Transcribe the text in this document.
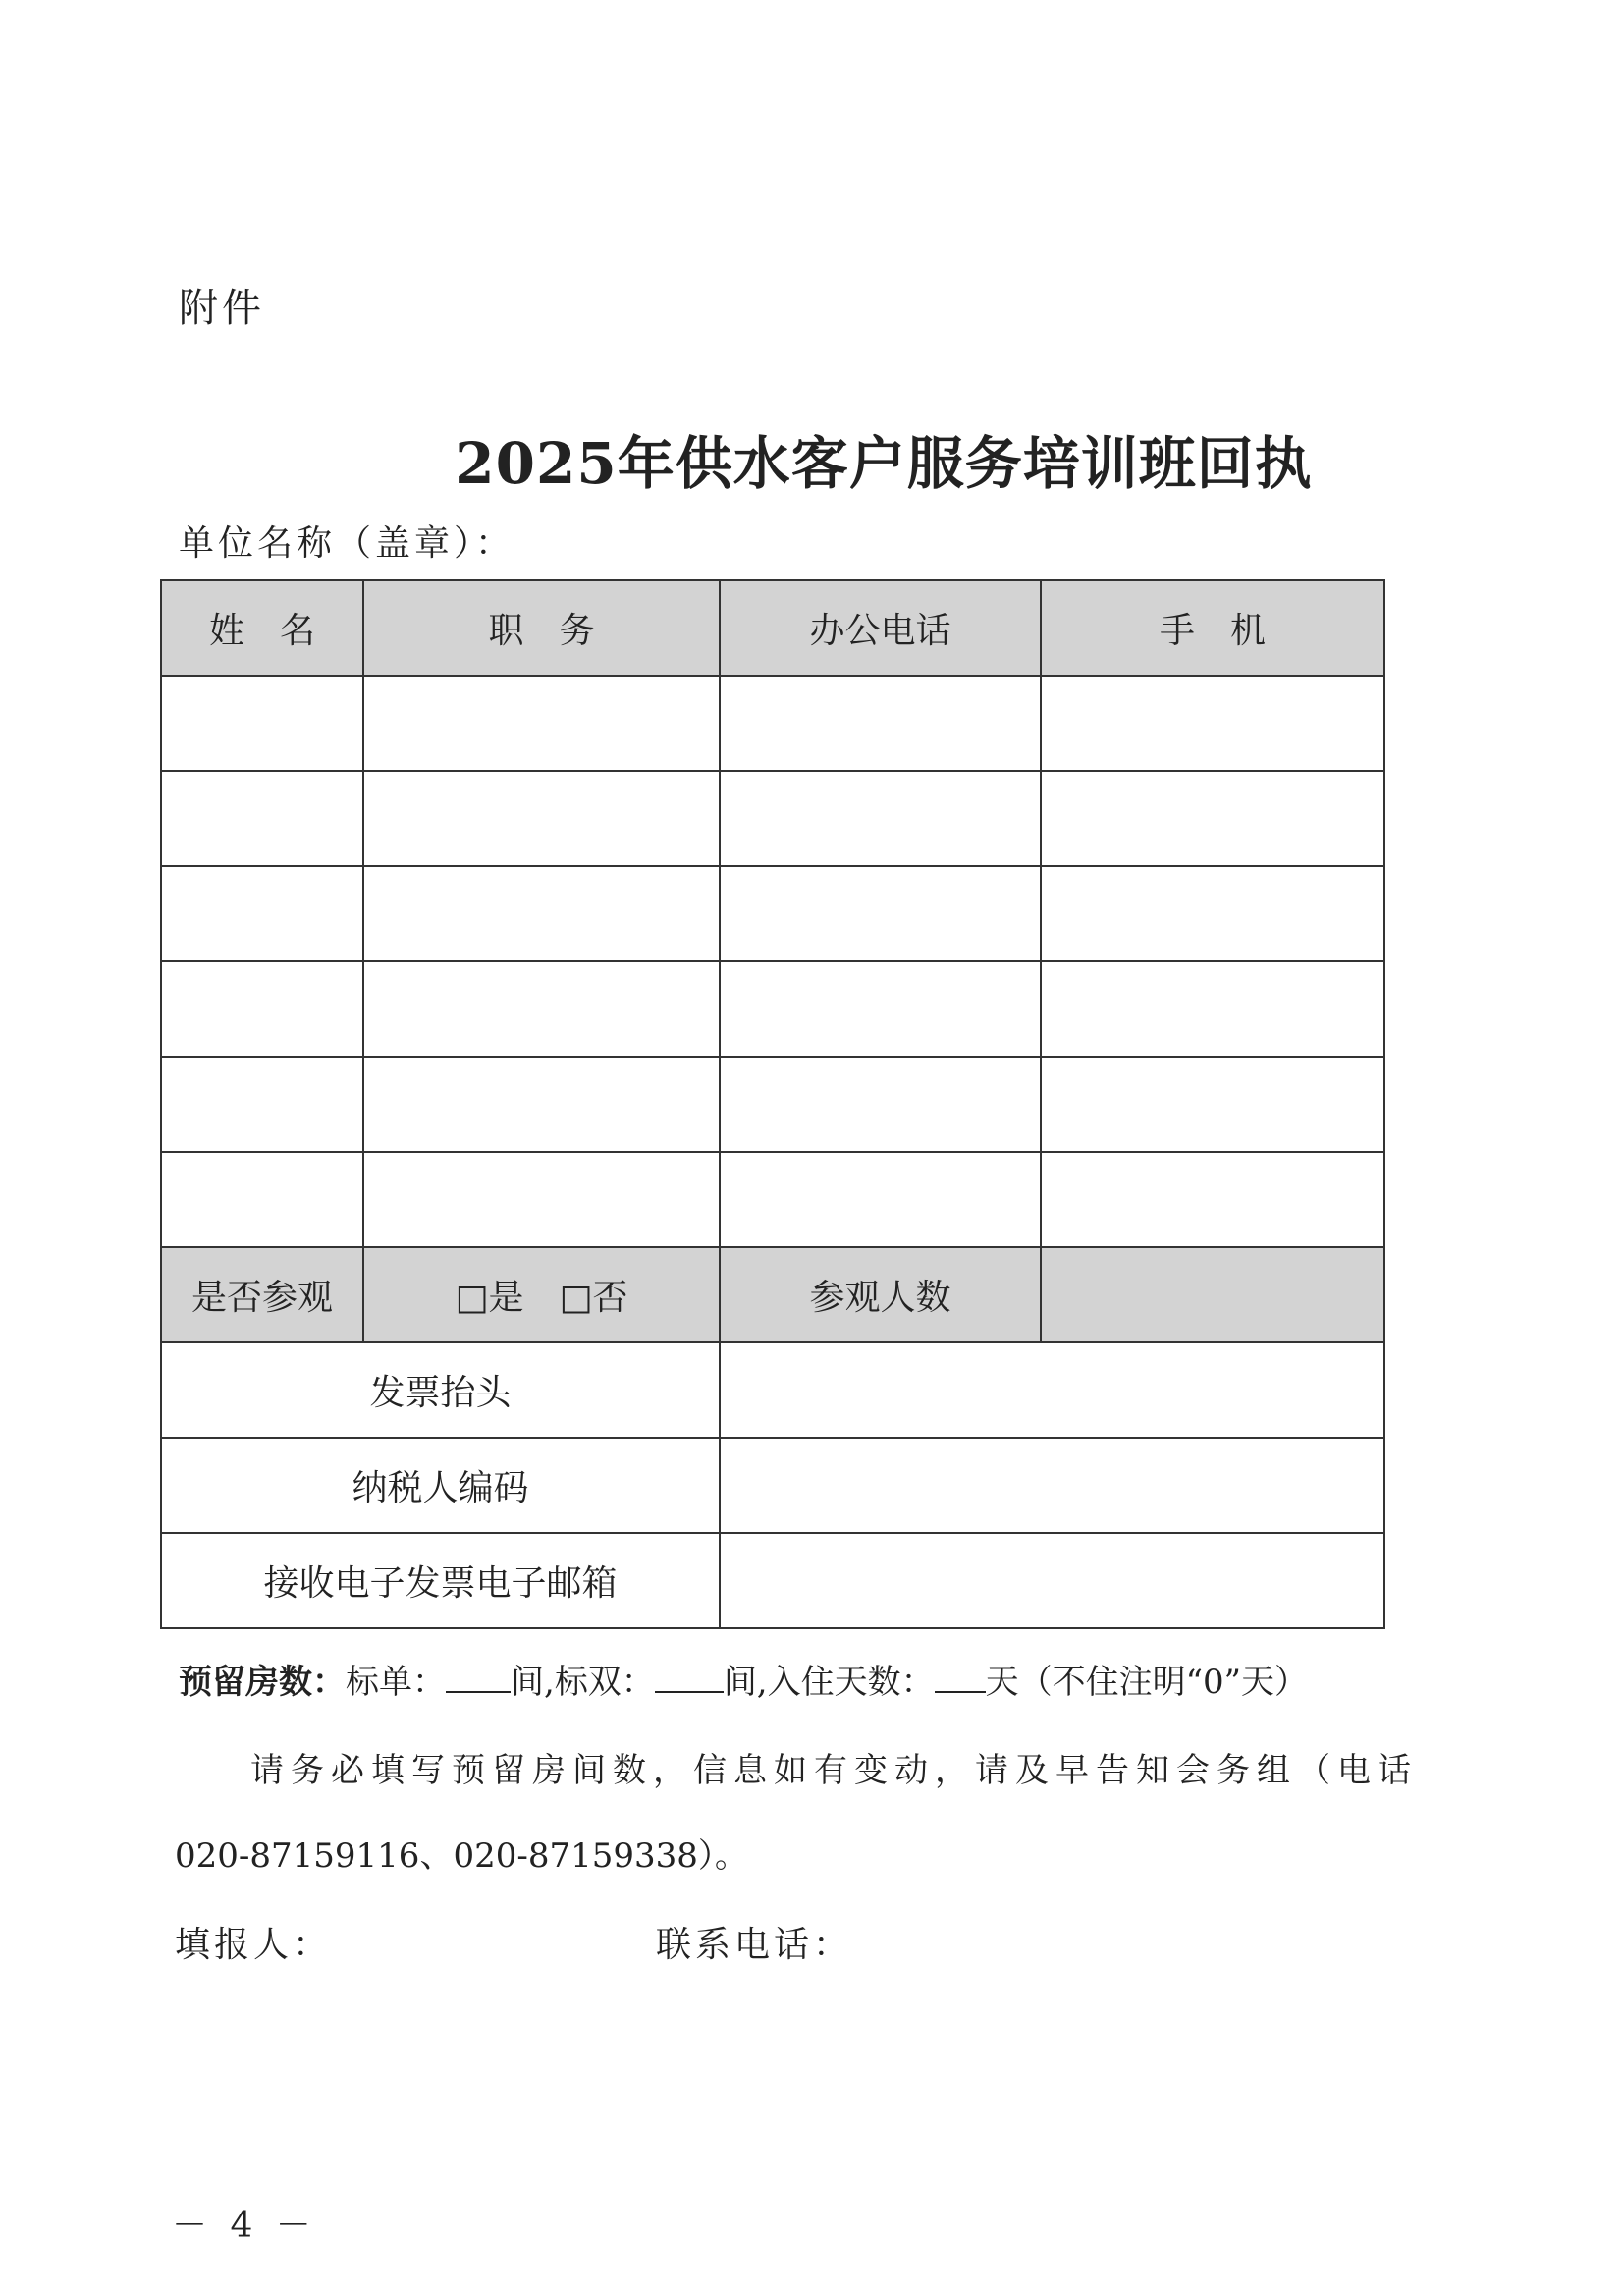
附件
2025年供水客户服务培训班回执
单位名称（盖章）：
姓　名	职　务	办公电话	手　机

是否参观	□是　□否	参观人数	
发票抬头			
纳税人编码			
接收电子发票电子邮箱			
预留房数：标单： 间,标双： 间,入住天数： 天（不住注明“0”天）
请务必填写预留房间数，信息如有变动，请及早告知会务组（电话
020-87159116、020-87159338）。
填报人：	联系电话：
－ 4 －
